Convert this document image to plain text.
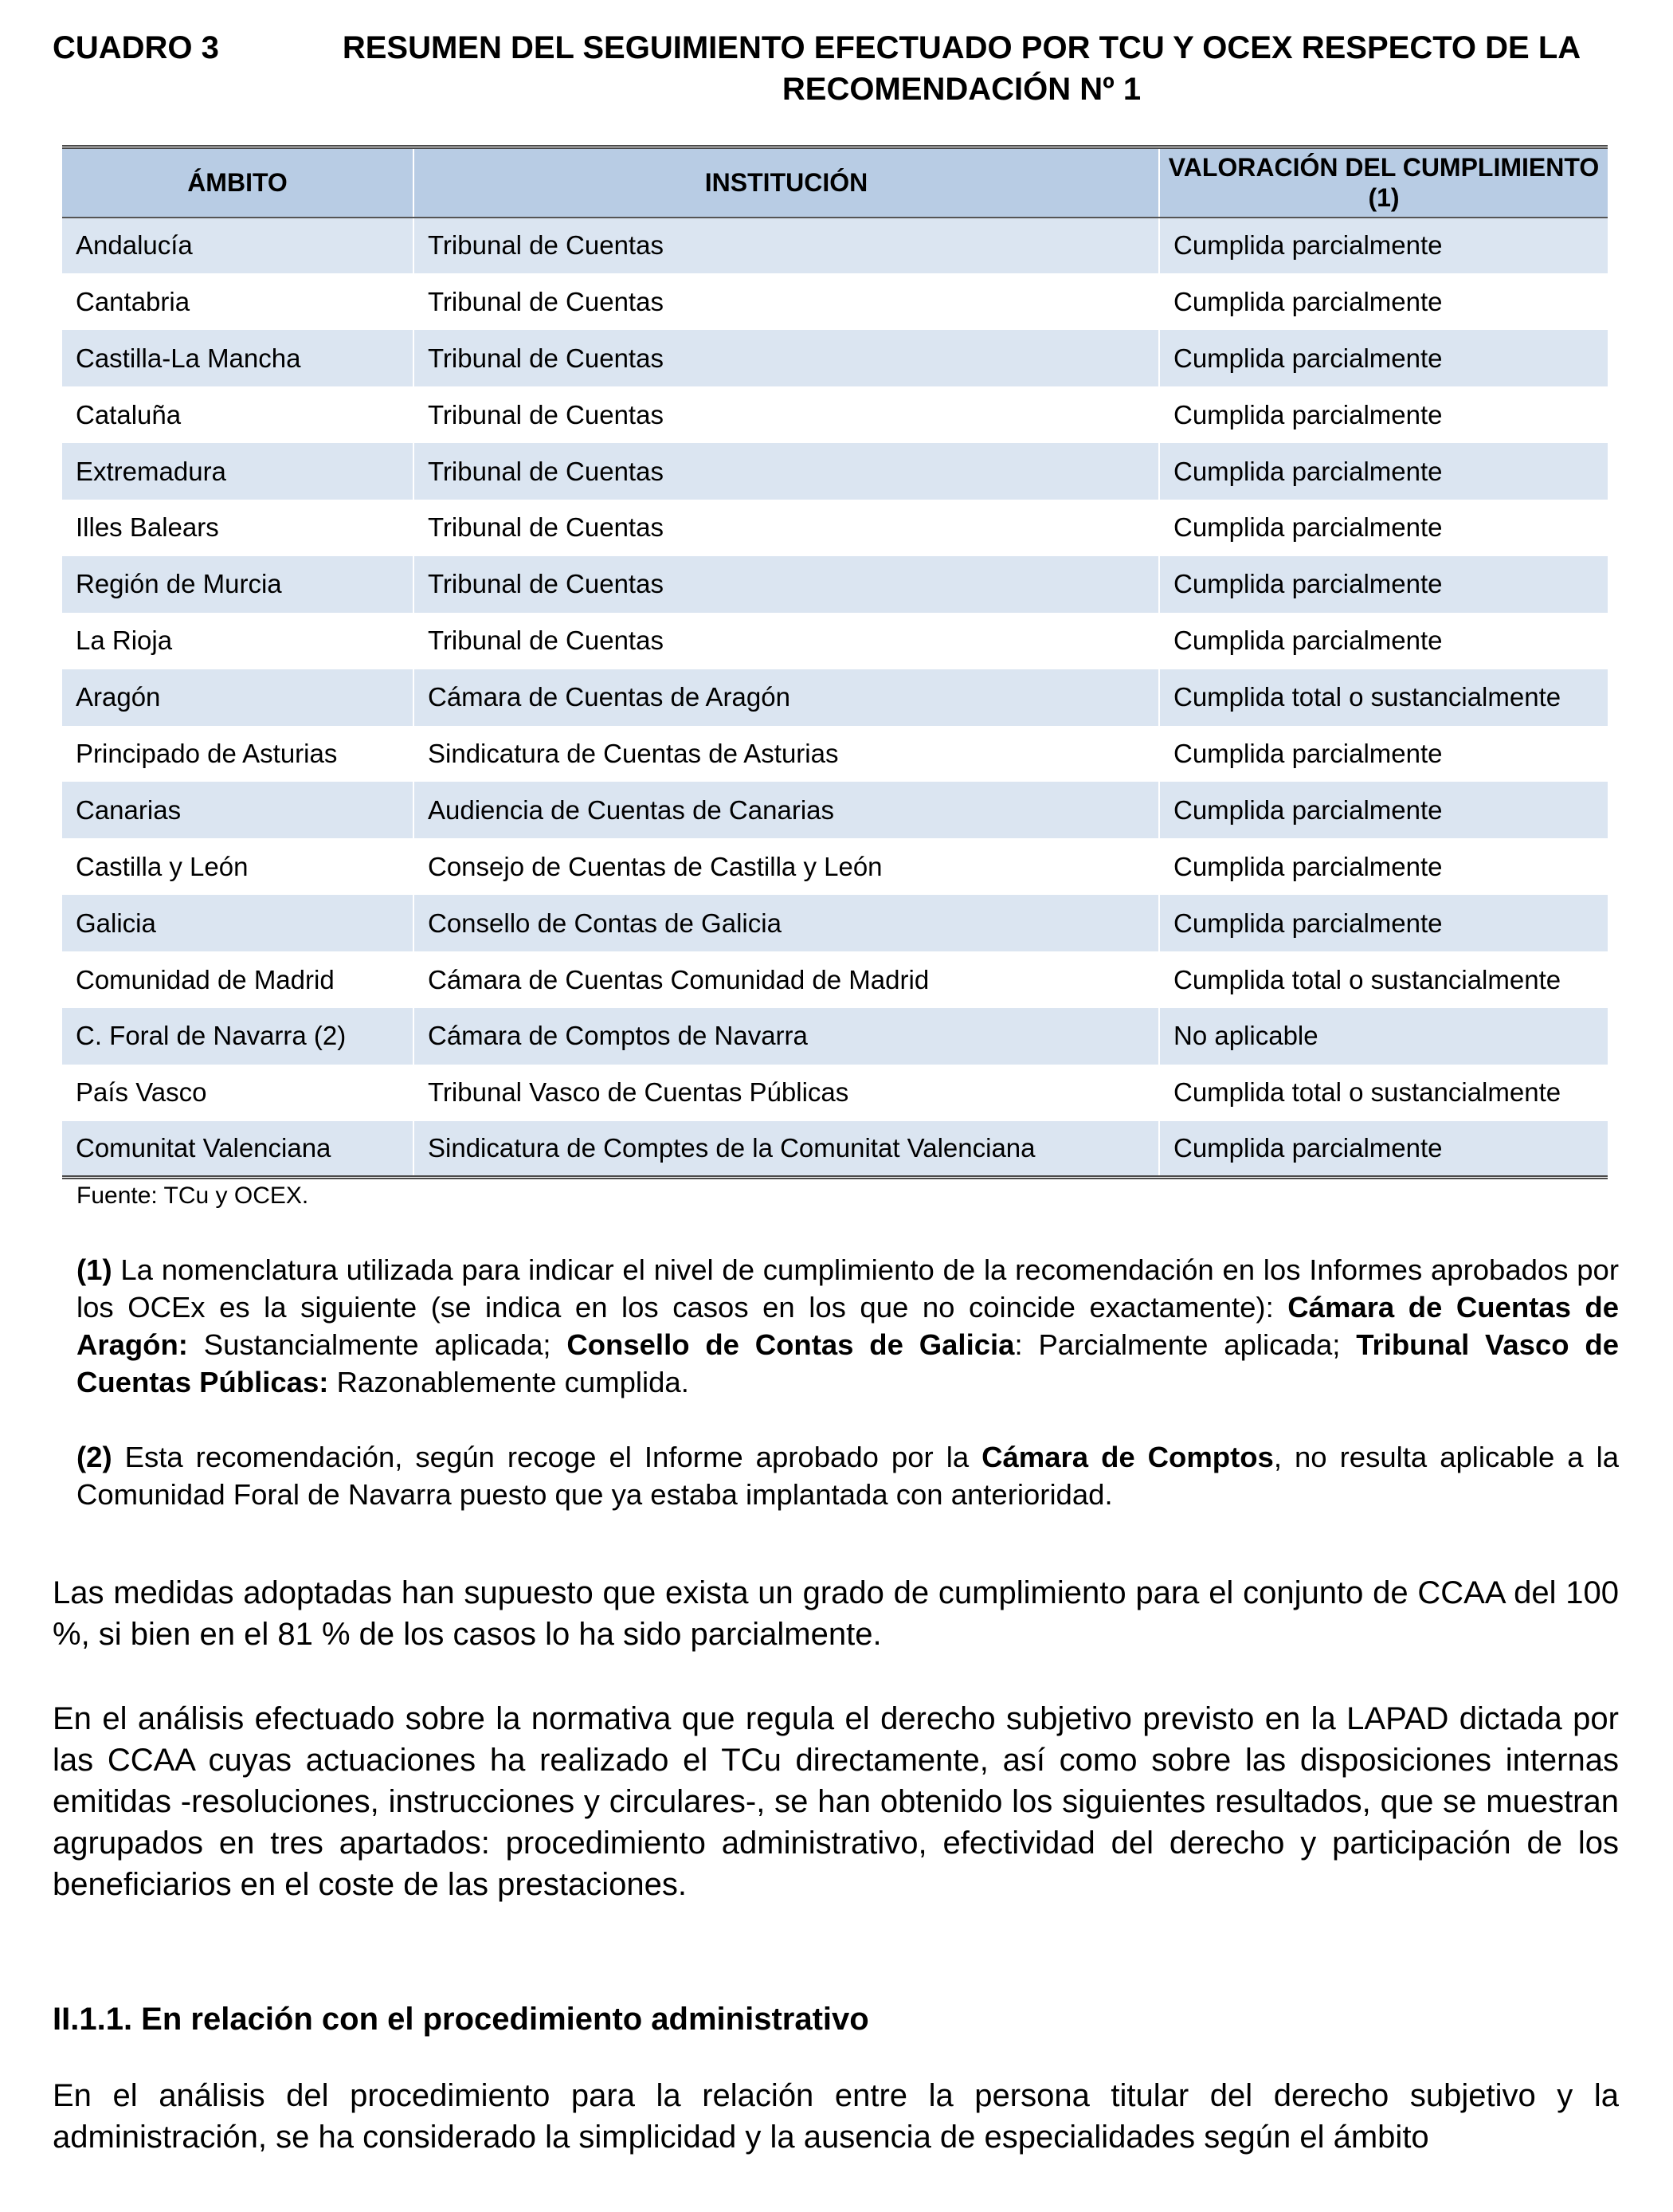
CUADRO 3	RESUMEN DEL SEGUIMIENTO EFECTUADO POR TCU Y OCEX RESPECTO DE LA RECOMENDACIÓN Nº 1
ÁMBITO	INSTITUCIÓN	VALORACIÓN DEL CUMPLIMIENTO (1)
Andalucía	Tribunal de Cuentas	Cumplida parcialmente
Cantabria	Tribunal de Cuentas	Cumplida parcialmente
Castilla-La Mancha	Tribunal de Cuentas	Cumplida parcialmente
Cataluña	Tribunal de Cuentas	Cumplida parcialmente
Extremadura	Tribunal de Cuentas	Cumplida parcialmente
Illes Balears	Tribunal de Cuentas	Cumplida parcialmente
Región de Murcia	Tribunal de Cuentas	Cumplida parcialmente
La Rioja	Tribunal de Cuentas	Cumplida parcialmente
Aragón	Cámara de Cuentas de Aragón	Cumplida total o sustancialmente
Principado de Asturias	Sindicatura de Cuentas de Asturias	Cumplida parcialmente
Canarias	Audiencia de Cuentas de Canarias	Cumplida parcialmente
Castilla y León	Consejo de Cuentas de Castilla y León	Cumplida parcialmente
Galicia	Consello de Contas de Galicia	Cumplida parcialmente
Comunidad de Madrid	Cámara de Cuentas Comunidad de Madrid	Cumplida total o sustancialmente
C. Foral de Navarra (2)	Cámara de Comptos de Navarra	No aplicable
País Vasco	Tribunal Vasco de Cuentas Públicas	Cumplida total o sustancialmente
Comunitat Valenciana	Sindicatura de Comptes de la Comunitat Valenciana	Cumplida parcialmente
Fuente: TCu y OCEX.
(1) La nomenclatura utilizada para indicar el nivel de cumplimiento de la recomendación en los Informes aprobados por los OCEx es la siguiente (se indica en los casos en los que no coincide exactamente): Cámara de Cuentas de Aragón: Sustancialmente aplicada; Consello de Contas de Galicia: Parcialmente aplicada; Tribunal Vasco de Cuentas Públicas: Razonablemente cumplida.
(2) Esta recomendación, según recoge el Informe aprobado por la Cámara de Comptos, no resulta aplicable a la Comunidad Foral de Navarra puesto que ya estaba implantada con anterioridad.

Las medidas adoptadas han supuesto que exista un grado de cumplimiento para el conjunto de CCAA del 100 %, si bien en el 81 % de los casos lo ha sido parcialmente.

En el análisis efectuado sobre la normativa que regula el derecho subjetivo previsto en la LAPAD dictada por las CCAA cuyas actuaciones ha realizado el TCu directamente, así como sobre las disposiciones internas emitidas -resoluciones, instrucciones y circulares-, se han obtenido los siguientes resultados, que se muestran agrupados en tres apartados: procedimiento administrativo, efectividad del derecho y participación de los beneficiarios en el coste de las prestaciones.

II.1.1. En relación con el procedimiento administrativo

En el análisis del procedimiento para la relación entre la persona titular del derecho subjetivo y la administración, se ha considerado la simplicidad y la ausencia de especialidades según el ámbito
